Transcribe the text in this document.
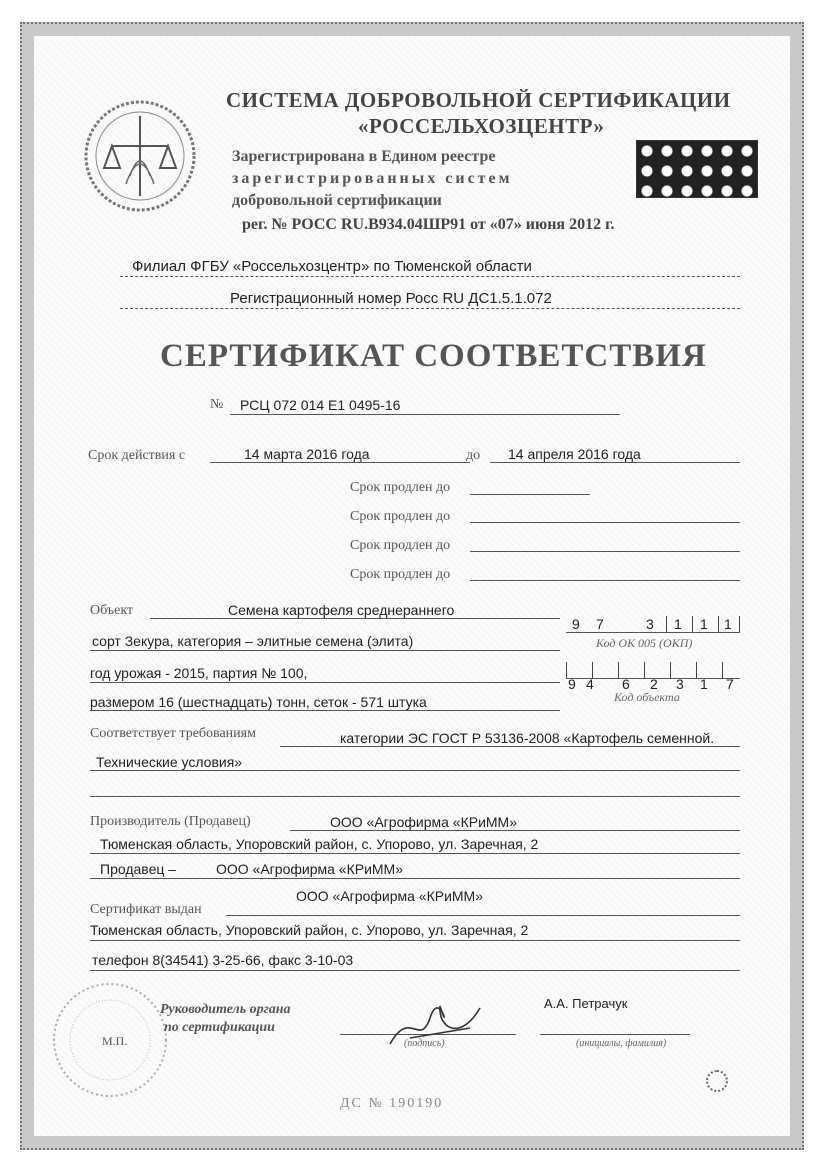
СИСТЕМА ДОБРОВОЛЬНОЙ СЕРТИФИКАЦИИ
«РОССЕЛЬХОЗЦЕНТР»
Зарегистрирована в Едином реестре
зарегистрированных систем
добровольной сертификации
рег. № РОСС RU.В934.04ШР91 от «07» июня 2012 г.
Филиал ФГБУ «Россельхозцентр» по Тюменской области
Регистрационный номер Росс RU ДС1.5.1.072
СЕРТИФИКАТ СООТВЕТСТВИЯ
№ РСЦ 072 014 Е1 0495-16
Срок действия с	14 марта 2016 года	до 14 апреля 2016 года
Срок продлен до
Срок продлен до
Срок продлен до
Срок продлен до
Объект	Семена картофеля среднераннего
сорт Зекура, категория – элитные семена (элита)
год урожая - 2015, партия № 100,
размером 16 (шестнадцать) тонн, сеток - 571 штука
9 7	3 1 1 1
Код ОК 005 (ОКП)
9 4 6 2 3 1 7
Код объекта
Соответствует требованиям	категории ЭС ГОСТ Р 53136-2008 «Картофель семенной.
Технические условия»
Производитель (Продавец)	ООО «Агрофирма «КРиММ»
Тюменская область, Упоровский район, с. Упорово, ул. Заречная, 2
Продавец –	ООО «Агрофирма «КРиММ»
ООО «Агрофирма «КРиММ»
Сертификат выдан
Тюменская область, Упоровский район, с. Упорово, ул. Заречная, 2
телефон 8(34541) 3-25-66, факс 3-10-03
М.П.
Руководитель органа
по сертификации
(подпись)
А.А. Петрачук
(инициалы, фамилия)
ДС № 190190
